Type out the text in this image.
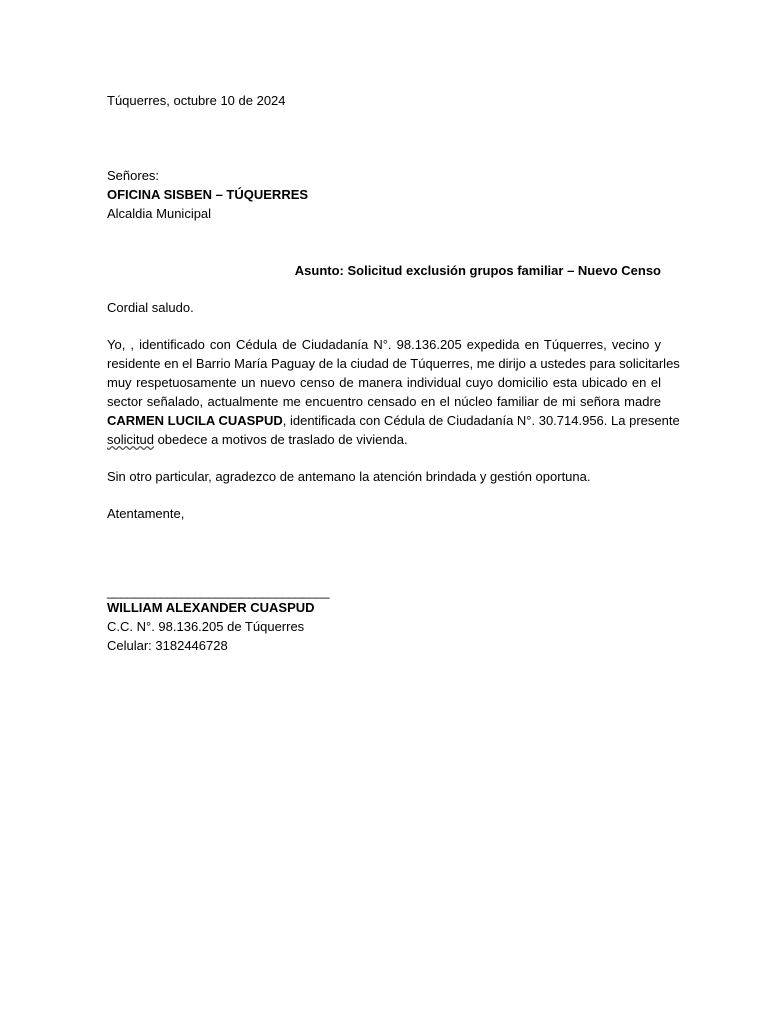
Túquerres, octubre 10 de 2024
Señores:
OFICINA SISBEN – TÚQUERRES
Alcaldia Municipal
Asunto: Solicitud exclusión grupos familiar – Nuevo Censo
Cordial saludo.
Yo, , identificado con Cédula de Ciudadanía N°. 98.136.205 expedida en Túquerres, vecino y
residente en el Barrio María Paguay de la ciudad de Túquerres, me dirijo a ustedes para solicitarles
muy respetuosamente un nuevo censo de manera individual cuyo domicilio esta ubicado en el
sector señalado, actualmente me encuentro censado en el núcleo familiar de mi señora madre
CARMEN LUCILA CUASPUD, identificada con Cédula de Ciudadanía N°. 30.714.956. La presente
solicitud obedece a motivos de traslado de vivienda.
Sin otro particular, agradezco de antemano la atención brindada y gestión oportuna.
Atentamente,
_________________________________
WILLIAM ALEXANDER CUASPUD
C.C. N°. 98.136.205 de Túquerres
Celular: 3182446728
